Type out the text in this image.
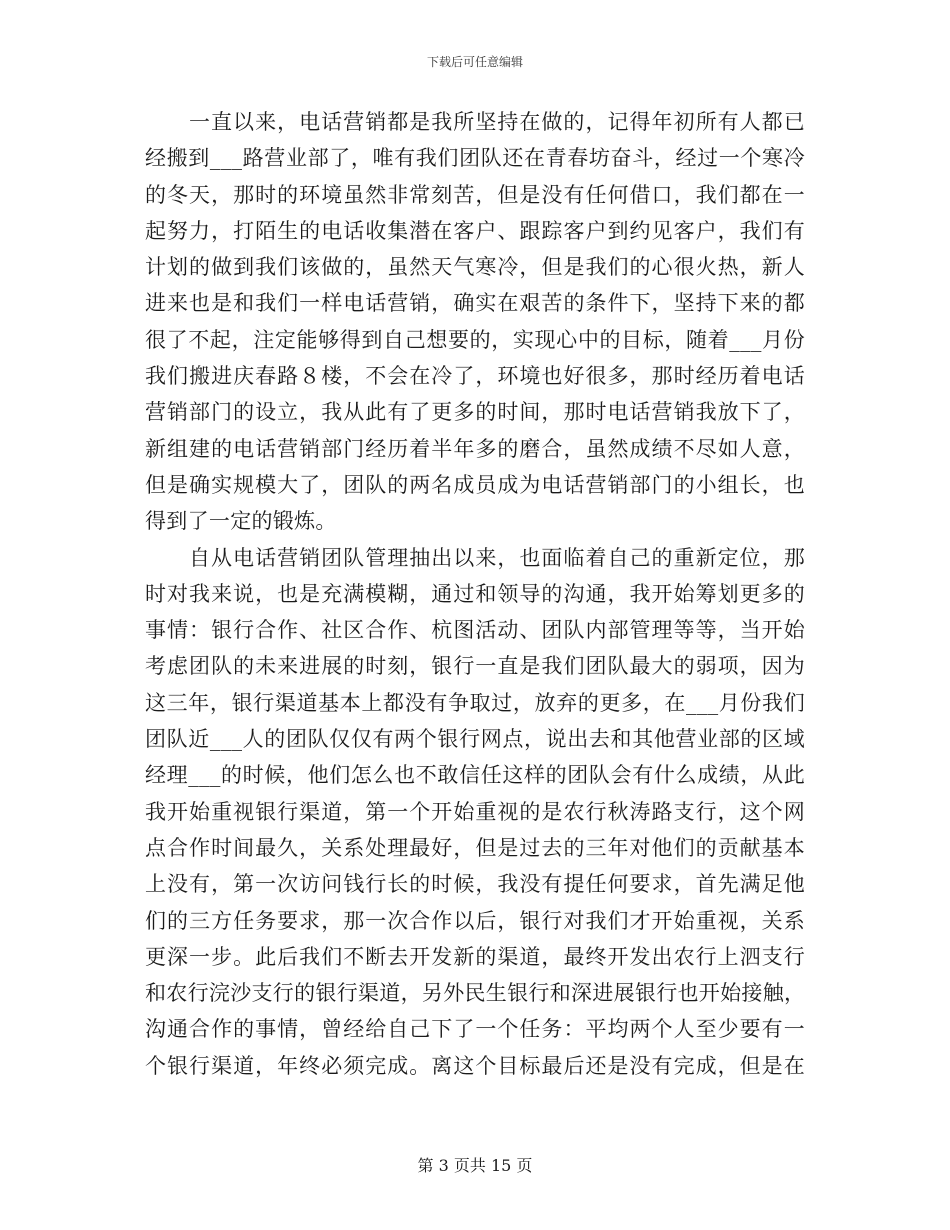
下载后可任意编辑
一直以来，电话营销都是我所坚持在做的，记得年初所有人都已
经搬到___路营业部了，唯有我们团队还在青春坊奋斗，经过一个寒冷
的冬天，那时的环境虽然非常刻苦，但是没有任何借口，我们都在一
起努力，打陌生的电话收集潜在客户、跟踪客户到约见客户，我们有
计划的做到我们该做的，虽然天气寒冷，但是我们的心很火热，新人
进来也是和我们一样电话营销，确实在艰苦的条件下，坚持下来的都
很了不起，注定能够得到自己想要的，实现心中的目标，随着___月份
我们搬进庆春路８楼，不会在冷了，环境也好很多，那时经历着电话
营销部门的设立，我从此有了更多的时间，那时电话营销我放下了，
新组建的电话营销部门经历着半年多的磨合，虽然成绩不尽如人意，
但是确实规模大了，团队的两名成员成为电话营销部门的小组长，也
得到了一定的锻炼。
自从电话营销团队管理抽出以来，也面临着自己的重新定位，那
时对我来说，也是充满模糊，通过和领导的沟通，我开始筹划更多的
事情：银行合作、社区合作、杭图活动、团队内部管理等等，当开始
考虑团队的未来进展的时刻，银行一直是我们团队最大的弱项，因为
这三年，银行渠道基本上都没有争取过，放弃的更多，在___月份我们
团队近___人的团队仅仅有两个银行网点，说出去和其他营业部的区域
经理___的时候，他们怎么也不敢信任这样的团队会有什么成绩，从此
我开始重视银行渠道，第一个开始重视的是农行秋涛路支行，这个网
点合作时间最久，关系处理最好，但是过去的三年对他们的贡献基本
上没有，第一次访问钱行长的时候，我没有提任何要求，首先满足他
们的三方任务要求，那一次合作以后，银行对我们才开始重视，关系
更深一步。此后我们不断去开发新的渠道，最终开发出农行上泗支行
和农行浣沙支行的银行渠道，另外民生银行和深进展银行也开始接触，
沟通合作的事情，曾经给自己下了一个任务：平均两个人至少要有一
个银行渠道，年终必须完成。离这个目标最后还是没有完成，但是在
第 3 页共 15 页
